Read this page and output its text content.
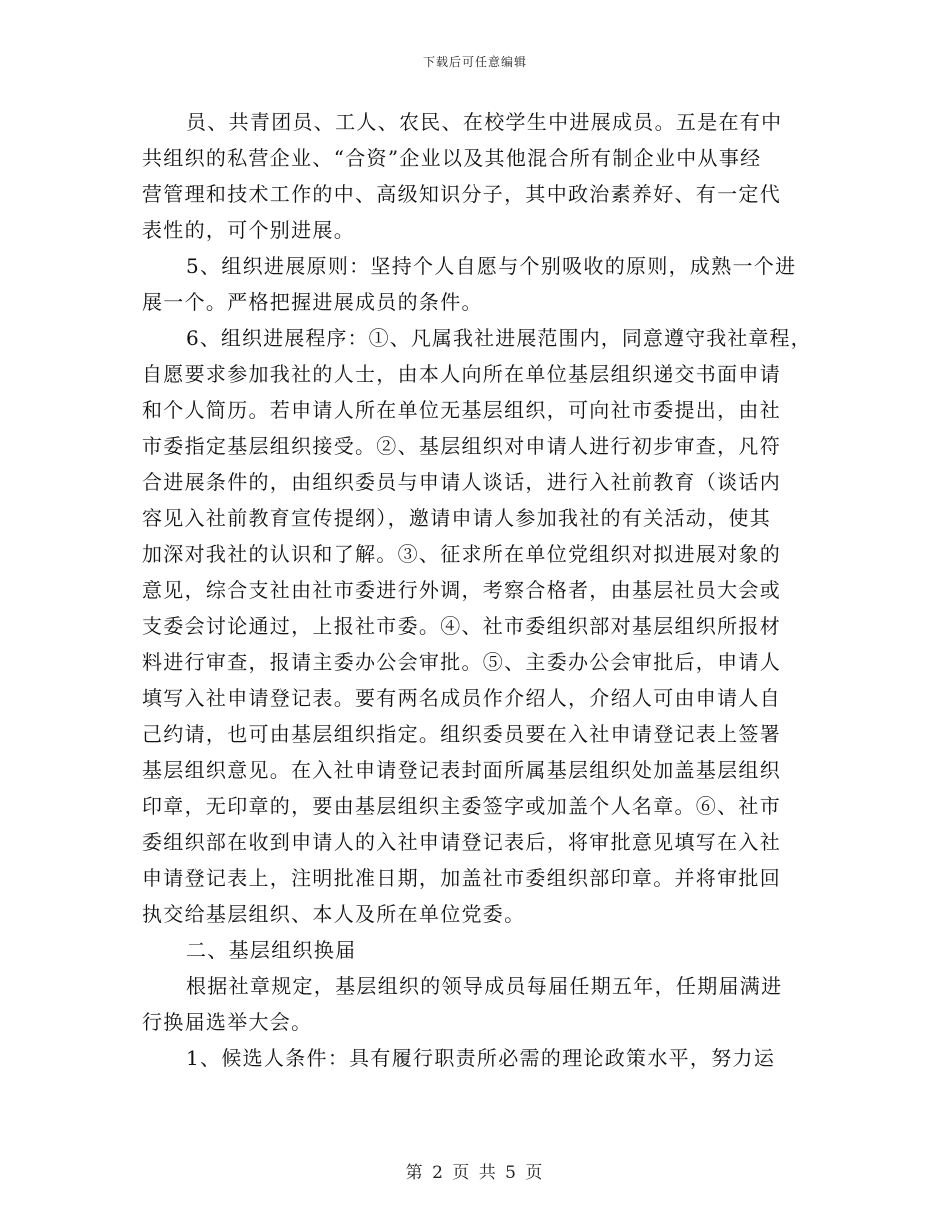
下载后可任意编辑
员、共青团员、工人、农民、在校学生中进展成员。五是在有中
共组织的私营企业、“合资”企业以及其他混合所有制企业中从事经
营管理和技术工作的中、高级知识分子，其中政治素养好、有一定代
表性的，可个别进展。
5、组织进展原则：坚持个人自愿与个别吸收的原则，成熟一个进
展一个。严格把握进展成员的条件。
6、组织进展程序：①、凡属我社进展范围内，同意遵守我社章程，
自愿要求参加我社的人士，由本人向所在单位基层组织递交书面申请
和个人简历。若申请人所在单位无基层组织，可向社市委提出，由社
市委指定基层组织接受。②、基层组织对申请人进行初步审查，凡符
合进展条件的，由组织委员与申请人谈话，进行入社前教育（谈话内
容见入社前教育宣传提纲），邀请申请人参加我社的有关活动，使其
加深对我社的认识和了解。③、征求所在单位党组织对拟进展对象的
意见，综合支社由社市委进行外调，考察合格者，由基层社员大会或
支委会讨论通过，上报社市委。④、社市委组织部对基层组织所报材
料进行审查，报请主委办公会审批。⑤、主委办公会审批后，申请人
填写入社申请登记表。要有两名成员作介绍人，介绍人可由申请人自
己约请，也可由基层组织指定。组织委员要在入社申请登记表上签署
基层组织意见。在入社申请登记表封面所属基层组织处加盖基层组织
印章，无印章的，要由基层组织主委签字或加盖个人名章。⑥、社市
委组织部在收到申请人的入社申请登记表后，将审批意见填写在入社
申请登记表上，注明批准日期，加盖社市委组织部印章。并将审批回
执交给基层组织、本人及所在单位党委。
二、基层组织换届
根据社章规定，基层组织的领导成员每届任期五年，任期届满进
行换届选举大会。
1、候选人条件：具有履行职责所必需的理论政策水平，努力运
第 2 页 共 5 页
